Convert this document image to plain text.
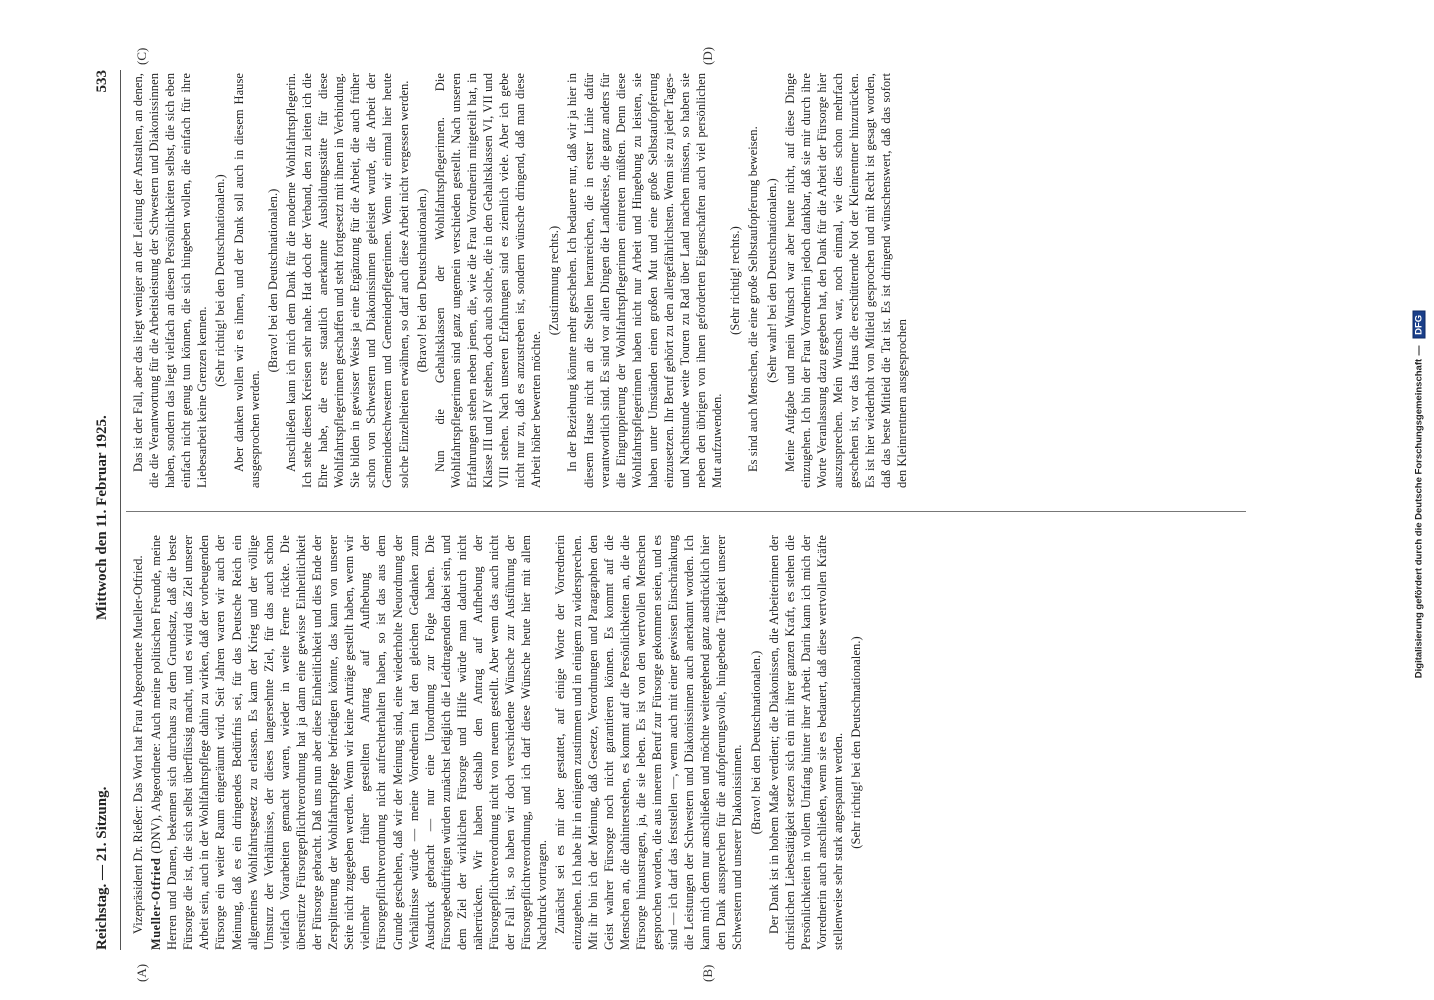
Reichstag. — 21. Sitzung.
Mittwoch den 11. Februar 1925.
533
(A)	(B)
(C)	(D)

Vizepräsident Dr. Rießer: Das Wort hat Frau Abgeordnete Mueller-Otfried. Mueller-Otfried (DNV), Abgeordnete: Auch meine politischen Freunde, meine Herren und Damen, bekennen sich durchaus zu dem Grundsatz, daß die beste Fürsorge die ist, die sich selbst überflüssig macht, und es wird das Ziel unserer Arbeit sein, auch in der Wohlfahrtspflege dahin zu wirken, daß der vorbeugenden Fürsorge ein weiter Raum eingeräumt wird. Seit Jahren waren wir auch der Meinung, daß es ein dringendes Bedürfnis sei, für das Deutsche Reich ein allgemeines Wohlfahrtsgesetz zu erlassen. Es kam der Krieg und der völlige Umsturz der Verhältnisse, der dieses langersehnte Ziel, für das auch schon vielfach Vorarbeiten gemacht waren, wieder in weite Ferne rückte. Die überstürzte Fürsorgepflichtverordnung hat ja dann eine gewisse Einheitlichkeit der Fürsorge gebracht. Daß uns nun aber diese Einheitlichkeit und dies Ende der Zersplitterung der Wohlfahrtspflege befriedigen könnte, das kann von unserer Seite nicht zugegeben werden. Wenn wir keine Anträge gestellt haben, wenn wir vielmehr den früher gestellten Antrag auf Aufhebung der Fürsorgepflichtverordnung nicht aufrechterhalten haben, so ist das aus dem Grunde geschehen, daß wir der Meinung sind, eine wiederholte Neuordnung der Verhältnisse würde — meine Vorrednerin hat den gleichen Gedanken zum Ausdruck gebracht — nur eine Unordnung zur Folge haben. Die Fürsorgebedürftigen würden zunächst lediglich die Leidtragenden dabei sein, und dem Ziel der wirklichen Fürsorge und Hilfe würde man dadurch nicht näherrücken. Wir haben deshalb den Antrag auf Aufhebung der Fürsorgepflichtverordnung nicht von neuem gestellt. Aber wenn das auch nicht der Fall ist, so haben wir doch verschiedene Wünsche zur Ausführung der Fürsorgepflichtverordnung, und ich darf diese Wünsche heute hier mit allem Nachdruck vortragen. Zunächst sei es mir aber gestattet, auf einige Worte der Vorrednerin einzugehen. Ich habe ihr in einigem zustimmen und in einigem zu widersprechen. Mit ihr bin ich der Meinung, daß Gesetze, Verordnungen und Paragraphen den Geist wahrer Fürsorge noch nicht garantieren können. Es kommt auf die Menschen an, die dahinterstehen, es kommt auf die Persönlichkeiten an, die die Fürsorge hinaustragen, ja, die sie leben. Es ist von den wertvollen Menschen gesprochen worden, die aus innerem Beruf zur Fürsorge gekommen seien, und es sind — ich darf das feststellen —, wenn auch mit einer gewissen Einschränkung die Leistungen der Schwestern und Diakonissinnen auch anerkannt worden. Ich kann mich dem nur anschließen und möchte weitergehend ganz ausdrücklich hier den Dank aussprechen für die aufopferungsvolle, hingebende Tätigkeit unserer Schwestern und unserer Diakonissinnen.

(Bravo! bei den Deutschnationalen.) Der Dank ist in hohem Maße verdient; die Diakonissen, die Arbeiterinnen der christlichen Liebestätigkeit setzen sich ein mit ihrer ganzen Kraft, es stehen die Persönlichkeiten in vollem Umfang hinter ihrer Arbeit. Darin kann ich mich der Vorrednerin auch anschließen, wenn sie es bedauert, daß diese wertvollen Kräfte stellenweise sehr stark angespannt werden. (Sehr richtig! bei den Deutschnationalen.)

Das ist der Fall, aber das liegt weniger an der Leitung der Anstalten, an denen, die die Verantwortung für die Arbeitsleistung der Schwestern und Diakonissinnen haben, sondern das liegt vielfach an diesen Persönlichkeiten selbst, die sich eben einfach nicht genug tun können, die sich hingeben wollen, die einfach für ihre Liebesarbeit keine Grenzen kennen.

(Sehr richtig! bei den Deutschnationalen.) Aber danken wollen wir es ihnen, und der Dank soll auch in diesem Hause ausgesprochen werden.

(Bravo! bei den Deutschnationalen.) Anschließen kann ich mich dem Dank für die moderne Wohlfahrtspflegerin. Ich stehe diesen Kreisen sehr nahe. Hat doch der Verband, den zu leiten ich die Ehre habe, die erste staatlich anerkannte Ausbildungsstätte für diese Wohlfahrtspflegerinnen geschaffen und steht fortgesetzt mit ihnen in Verbindung. Sie bilden in gewisser Weise ja eine Ergänzung für die Arbeit, die auch früher schon von Schwestern und Diakonissinnen geleistet wurde, die Arbeit der Gemeindeschwestern und Gemeindepflegerinnen. Wenn wir einmal hier heute solche Einzelheiten erwähnen, so darf auch diese Arbeit nicht vergessen werden. (Bravo! bei den Deutschnationalen.) Nun die Gehaltsklassen der Wohlfahrtspflegerinnen. Die Wohlfahrtspflegerinnen sind ganz ungemein verschieden gestellt. Nach unseren Erfahrungen stehen neben jenen, die, wie die Frau Vorrednerin mitgeteilt hat, in Klasse III und IV stehen, doch auch solche, die in den Gehaltsklassen VI, VII und VIII stehen. Nach unseren Erfahrungen sind es ziemlich viele. Aber ich gebe nicht nur zu, daß es anzustreben ist, sondern wünsche dringend, daß man diese Arbeit höher bewerten möchte.

(Zustimmung rechts.) In der Beziehung könnte mehr geschehen. Ich bedauere nur, daß wir ja hier in diesem Hause nicht an die Stellen heranreichen, die in erster Linie dafür verantwortlich sind. Es sind vor allen Dingen die Landkreise, die ganz anders für die Eingruppierung der Wohlfahrtspflegerinnen eintreten müßten. Denn diese Wohlfahrtspflegerinnen haben nicht nur Arbeit und Hingebung zu leisten, sie haben unter Umständen einen großen Mut und eine große Selbstaufopferung einzusetzen. Ihr Beruf gehört zu den allergefährlichsten. Wenn sie zu jeder Tages- und Nachtstunde weite Touren zu Rad über Land machen müssen, so haben sie neben den übrigen von ihnen geforderten Eigenschaften auch viel persönlichen Mut aufzuwenden.

(Sehr richtig! rechts.) Es sind auch Menschen, die eine große Selbstaufopferung beweisen. (Sehr wahr! bei den Deutschnationalen.) Meine Aufgabe und mein Wunsch war aber heute nicht, auf diese Dinge einzugehen. Ich bin der Frau Vorrednerin jedoch dankbar, daß sie mir durch ihre Worte Veranlassung dazu gegeben hat, den Dank für die Arbeit der Fürsorge hier auszusprechen. Mein Wunsch war, noch einmal, wie dies schon mehrfach geschehen ist, vor das Haus die erschütternde Not der Kleinrentner hinzurücken. Es ist hier wiederholt von Mitleid gesprochen und mit Recht ist gesagt worden, daß das beste Mitleid die Tat ist. Es ist dringend wünschenswert, daß das sofort den Kleinrentnern ausgesprochen	Digitalisierung gefördert durch die Deutsche ForschungsgemeinschaftDFG
